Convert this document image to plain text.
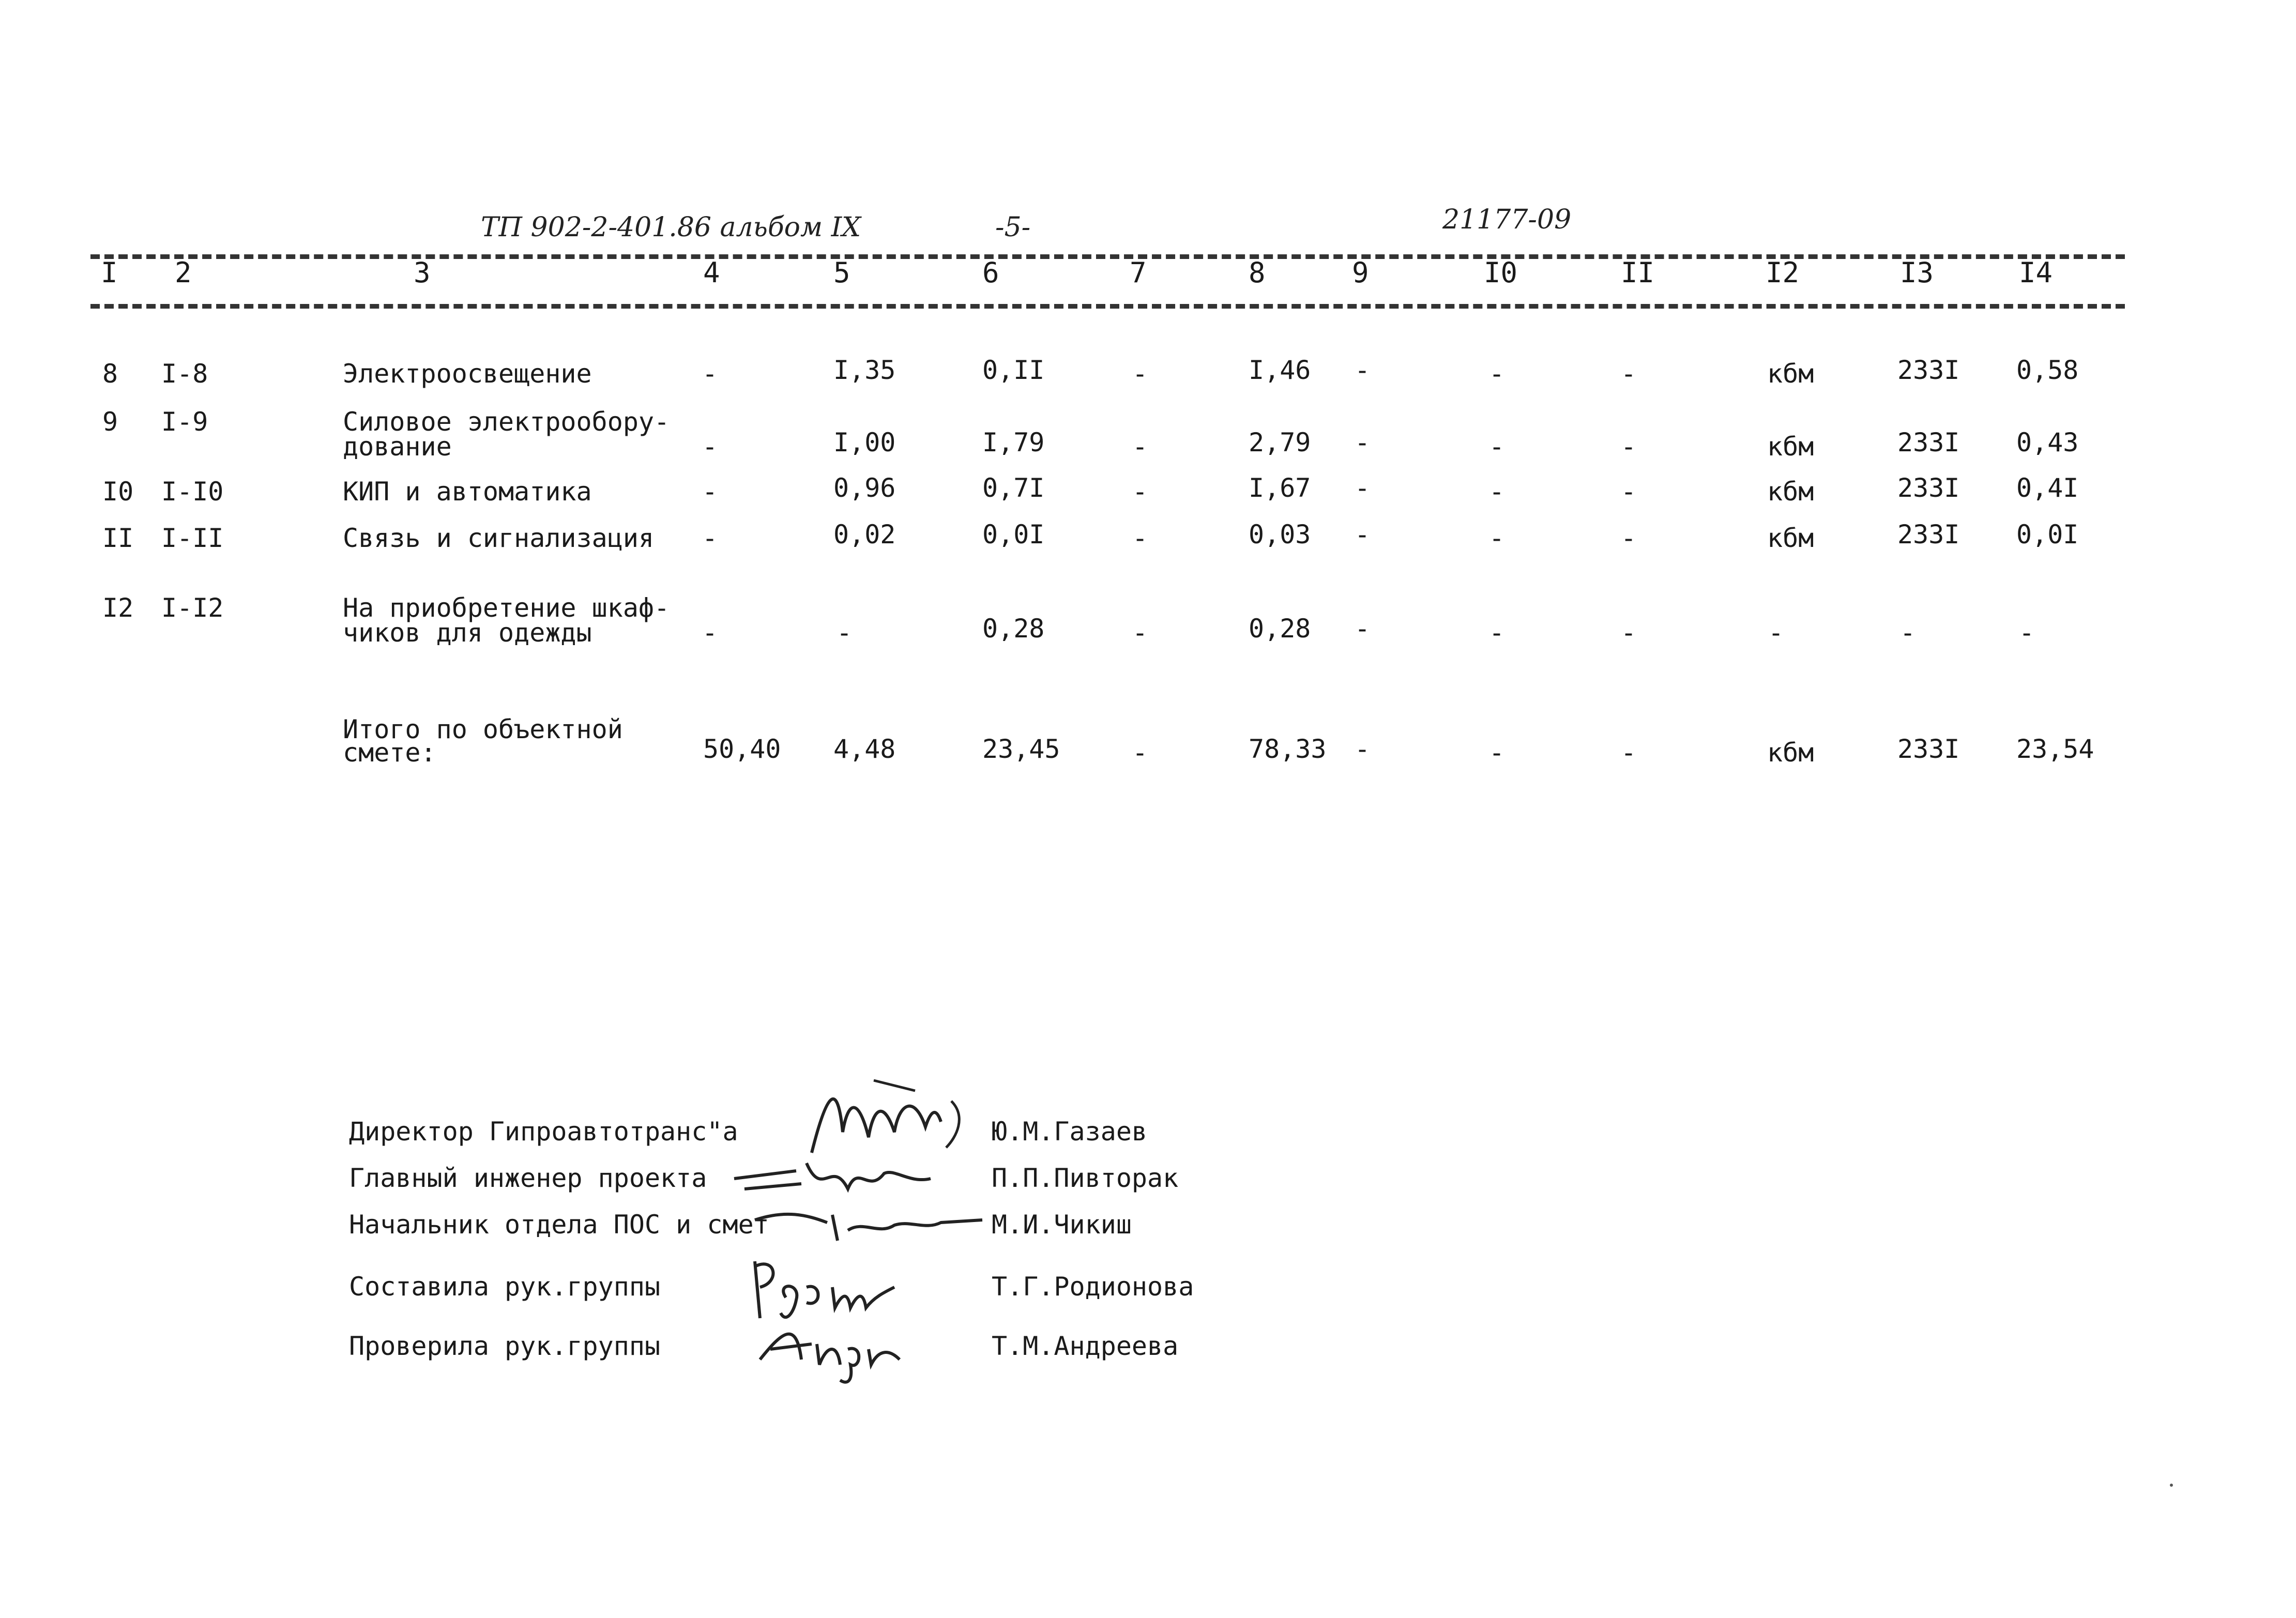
ТП 902-2-401.86 альбом IX	-5-	21177-09
I 2	3	4	5	6	7	8	9	I0	II	I2	I3	I4
8 I-8	Электроосвещение	-	I,35	0,II	-	I,46 -	-	-	кбм	233I 0,58
9 I-9	Силовое электрообору-
дование	-	I,00	I,79	-	2,79 -	-	-	кбм	233I 0,43
I0 I-I0	КИП и автоматика	-	0,96	0,7I	-	I,67 -	-	-	кбм	233I 0,4I
II I-II	Связь и сигнализация -	0,02	0,0I	-	0,03 -	-	-	кбм	233I 0,0I
I2 I-I2	На приобретение шкаф-
чиков для одежды	-	-	0,28	-	0,28 -	-	-	-	-	-
Итого по объектной
смете:	50,40 4,48	23,45	-	78,33 -	-	-	кбм	233I 23,54
Директор Гипроавтотранс"а	Ю.М.Газаев
Главный инженер проекта	П.П.Пивторак
Начальник отдела ПОС и смет	М.И.Чикиш
Составила рук.группы	Т.Г.Родионова
Проверила рук.группы	Т.М.Андреева
